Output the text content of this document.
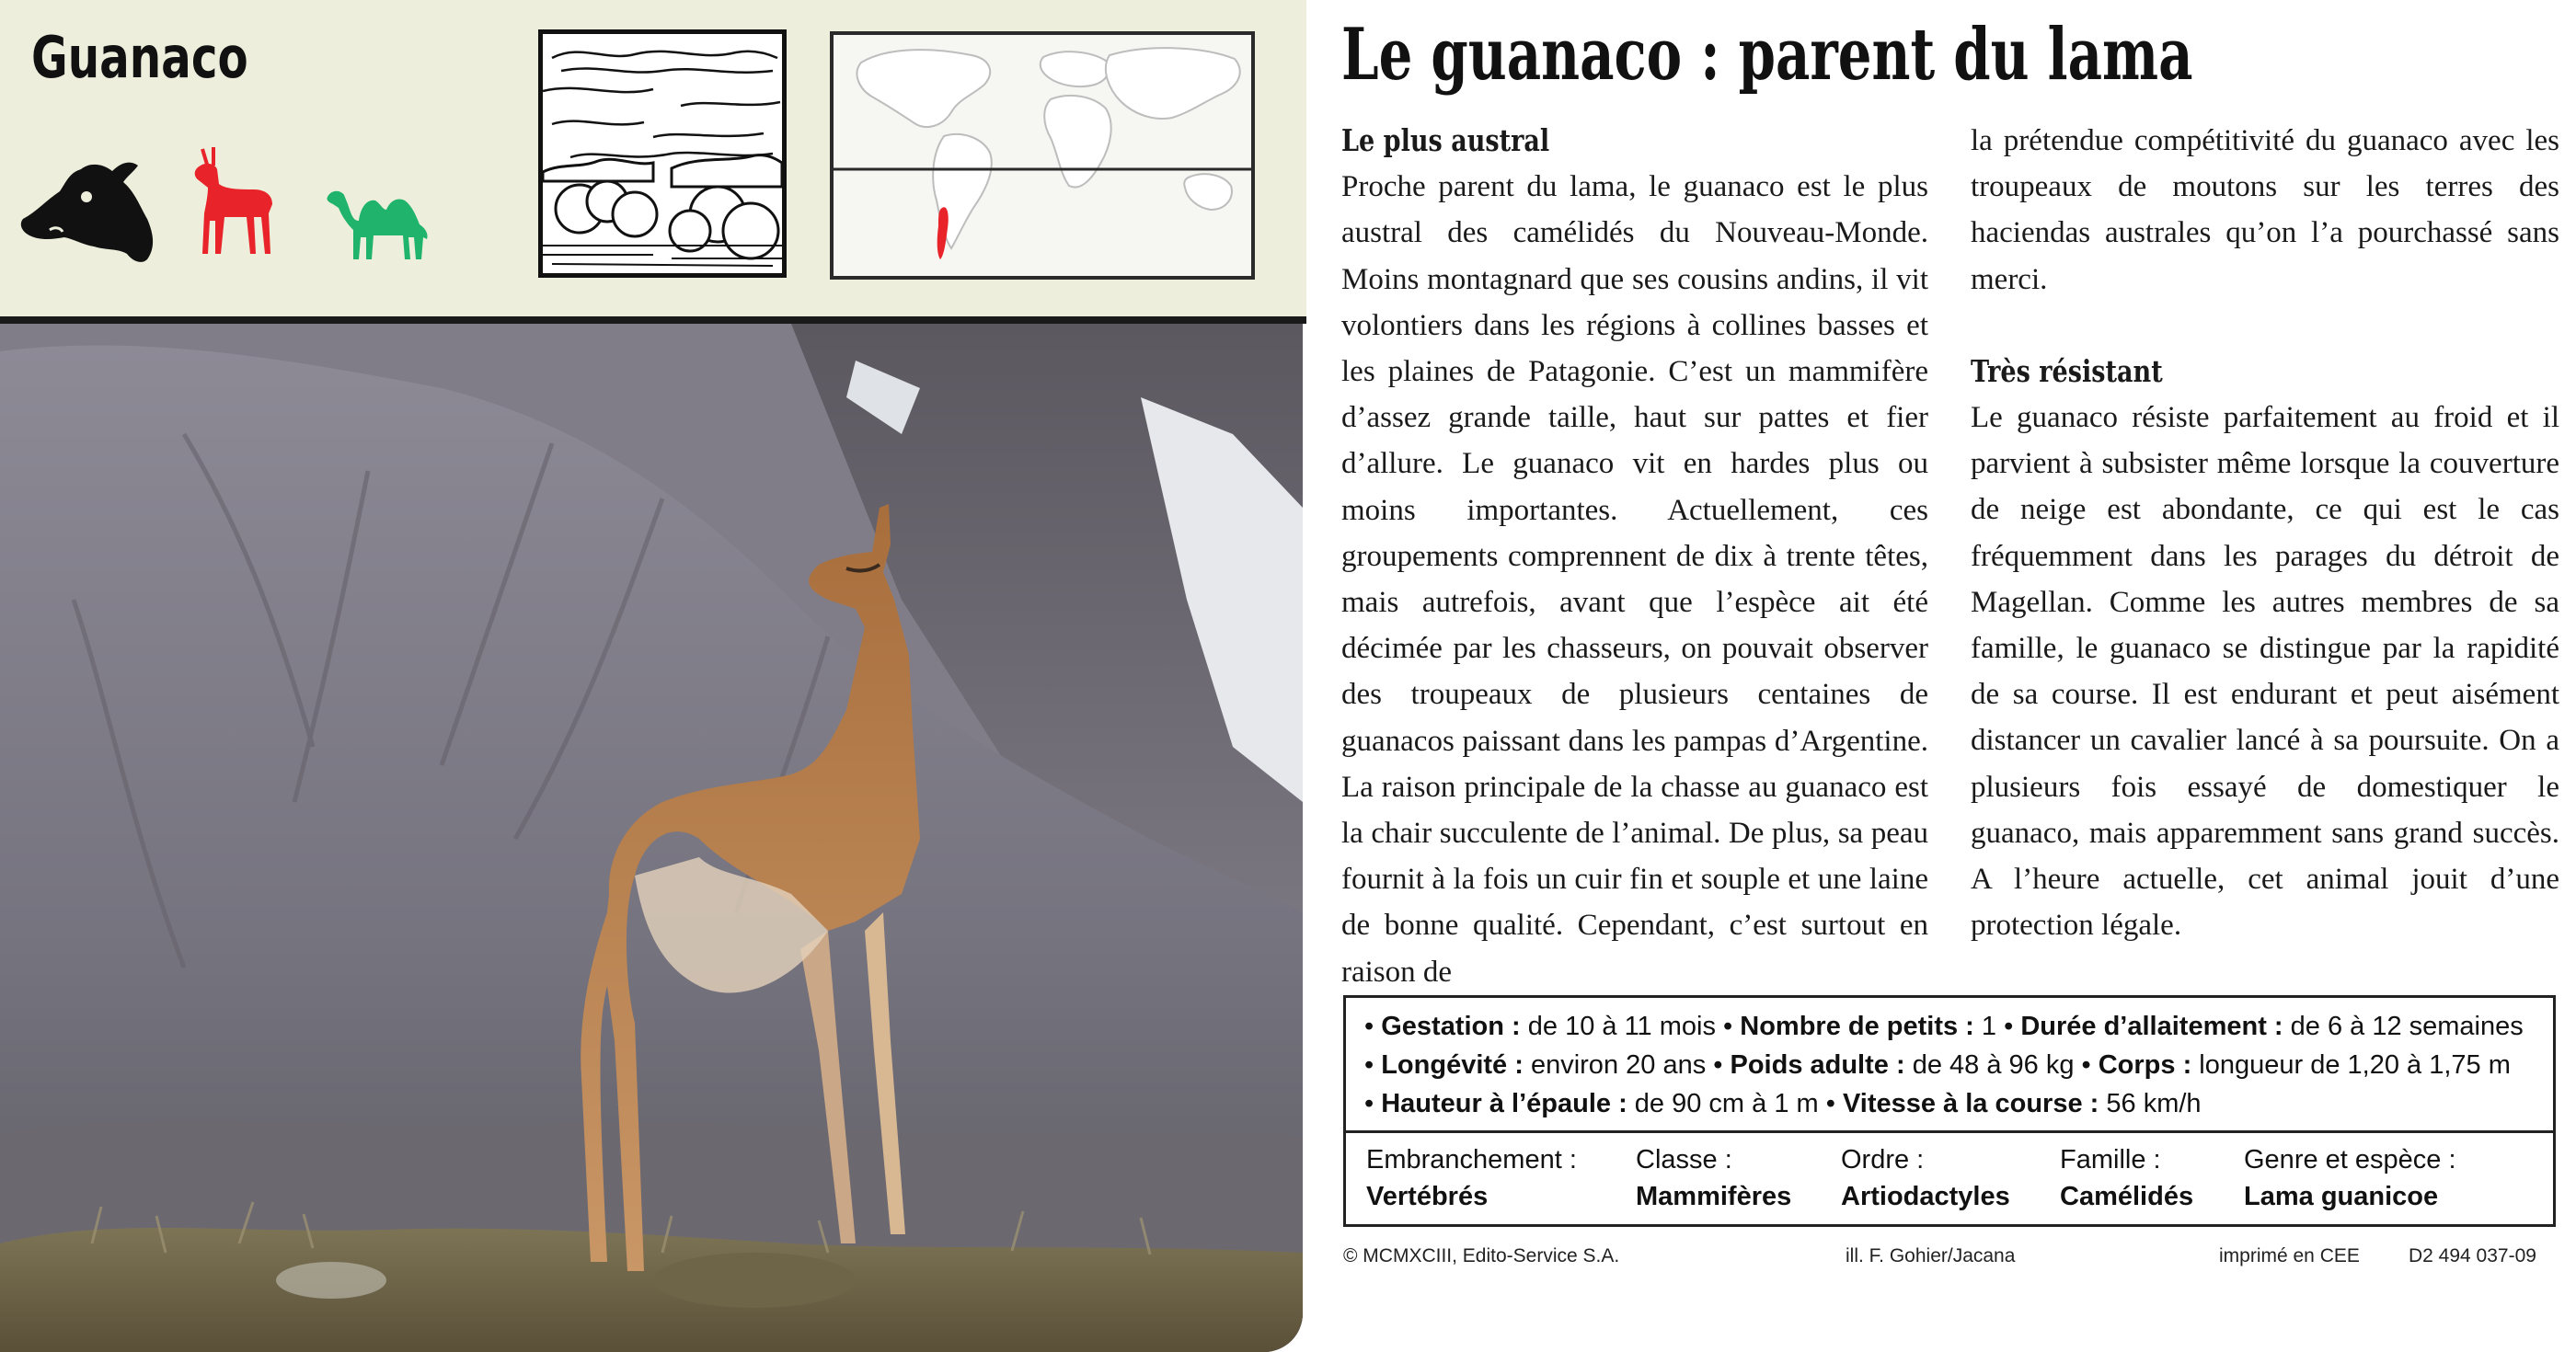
Guanaco	Le guanaco : parent du lama
Le plus austral

Proche parent du lama, le guanaco est le plus austral des camélidés du Nouveau-Monde. Moins montagnard que ses cousins andins, il vit volontiers dans les régions à collines basses et les plaines de Patagonie. C’est un mammifère d’assez grande taille, haut sur pattes et fier d’allure. Le guanaco vit en hardes plus ou moins importantes. Actuellement, ces groupements comprennent de dix à trente têtes, mais autrefois, avant que l’espèce ait été décimée par les chasseurs, on pouvait observer des troupeaux de plusieurs centaines de guanacos paissant dans les pampas d’Argentine. La raison principale de la chasse au guanaco est la chair succulente de l’animal. De plus, sa peau fournit à la fois un cuir fin et souple et une laine de bonne qualité. Cependant, c’est surtout en raison de

la prétendue compétitivité du guanaco avec les troupeaux de moutons sur les terres des haciendas australes qu’on l’a pourchassé sans merci.

Très résistant

Le guanaco résiste parfaitement au froid et il parvient à subsister même lorsque la couverture de neige est abondante, ce qui est le cas fréquemment dans les parages du détroit de Magellan. Comme les autres membres de sa famille, le guanaco se distingue par la rapidité de sa course. Il est endurant et peut aisément distancer un cavalier lancé à sa poursuite. On a plusieurs fois essayé de domestiquer le guanaco, mais apparemment sans grand succès. A l’heure actuelle, cet animal jouit d’une protection légale.

• Gestation : de 10 à 11 mois • Nombre de petits : 1 • Durée d’allaitement : de 6 à 12 semaines
• Longévité : environ 20 ans • Poids adulte : de 48 à 96 kg • Corps : longueur de 1,20 à 1,75 m
• Hauteur à l’épaule : de 90 cm à 1 m • Vitesse à la course : 56 km/h
Embranchement :
Vertébrés
Classe :
Mammifères
Ordre :
Artiodactyles
Famille :
Camélidés
Genre et espèce :
Lama guanicoe
© MCMXCIII, Edito-Service S.A.	ill. F. Gohier/Jacana	imprimé en CEE	D2 494 037-09
